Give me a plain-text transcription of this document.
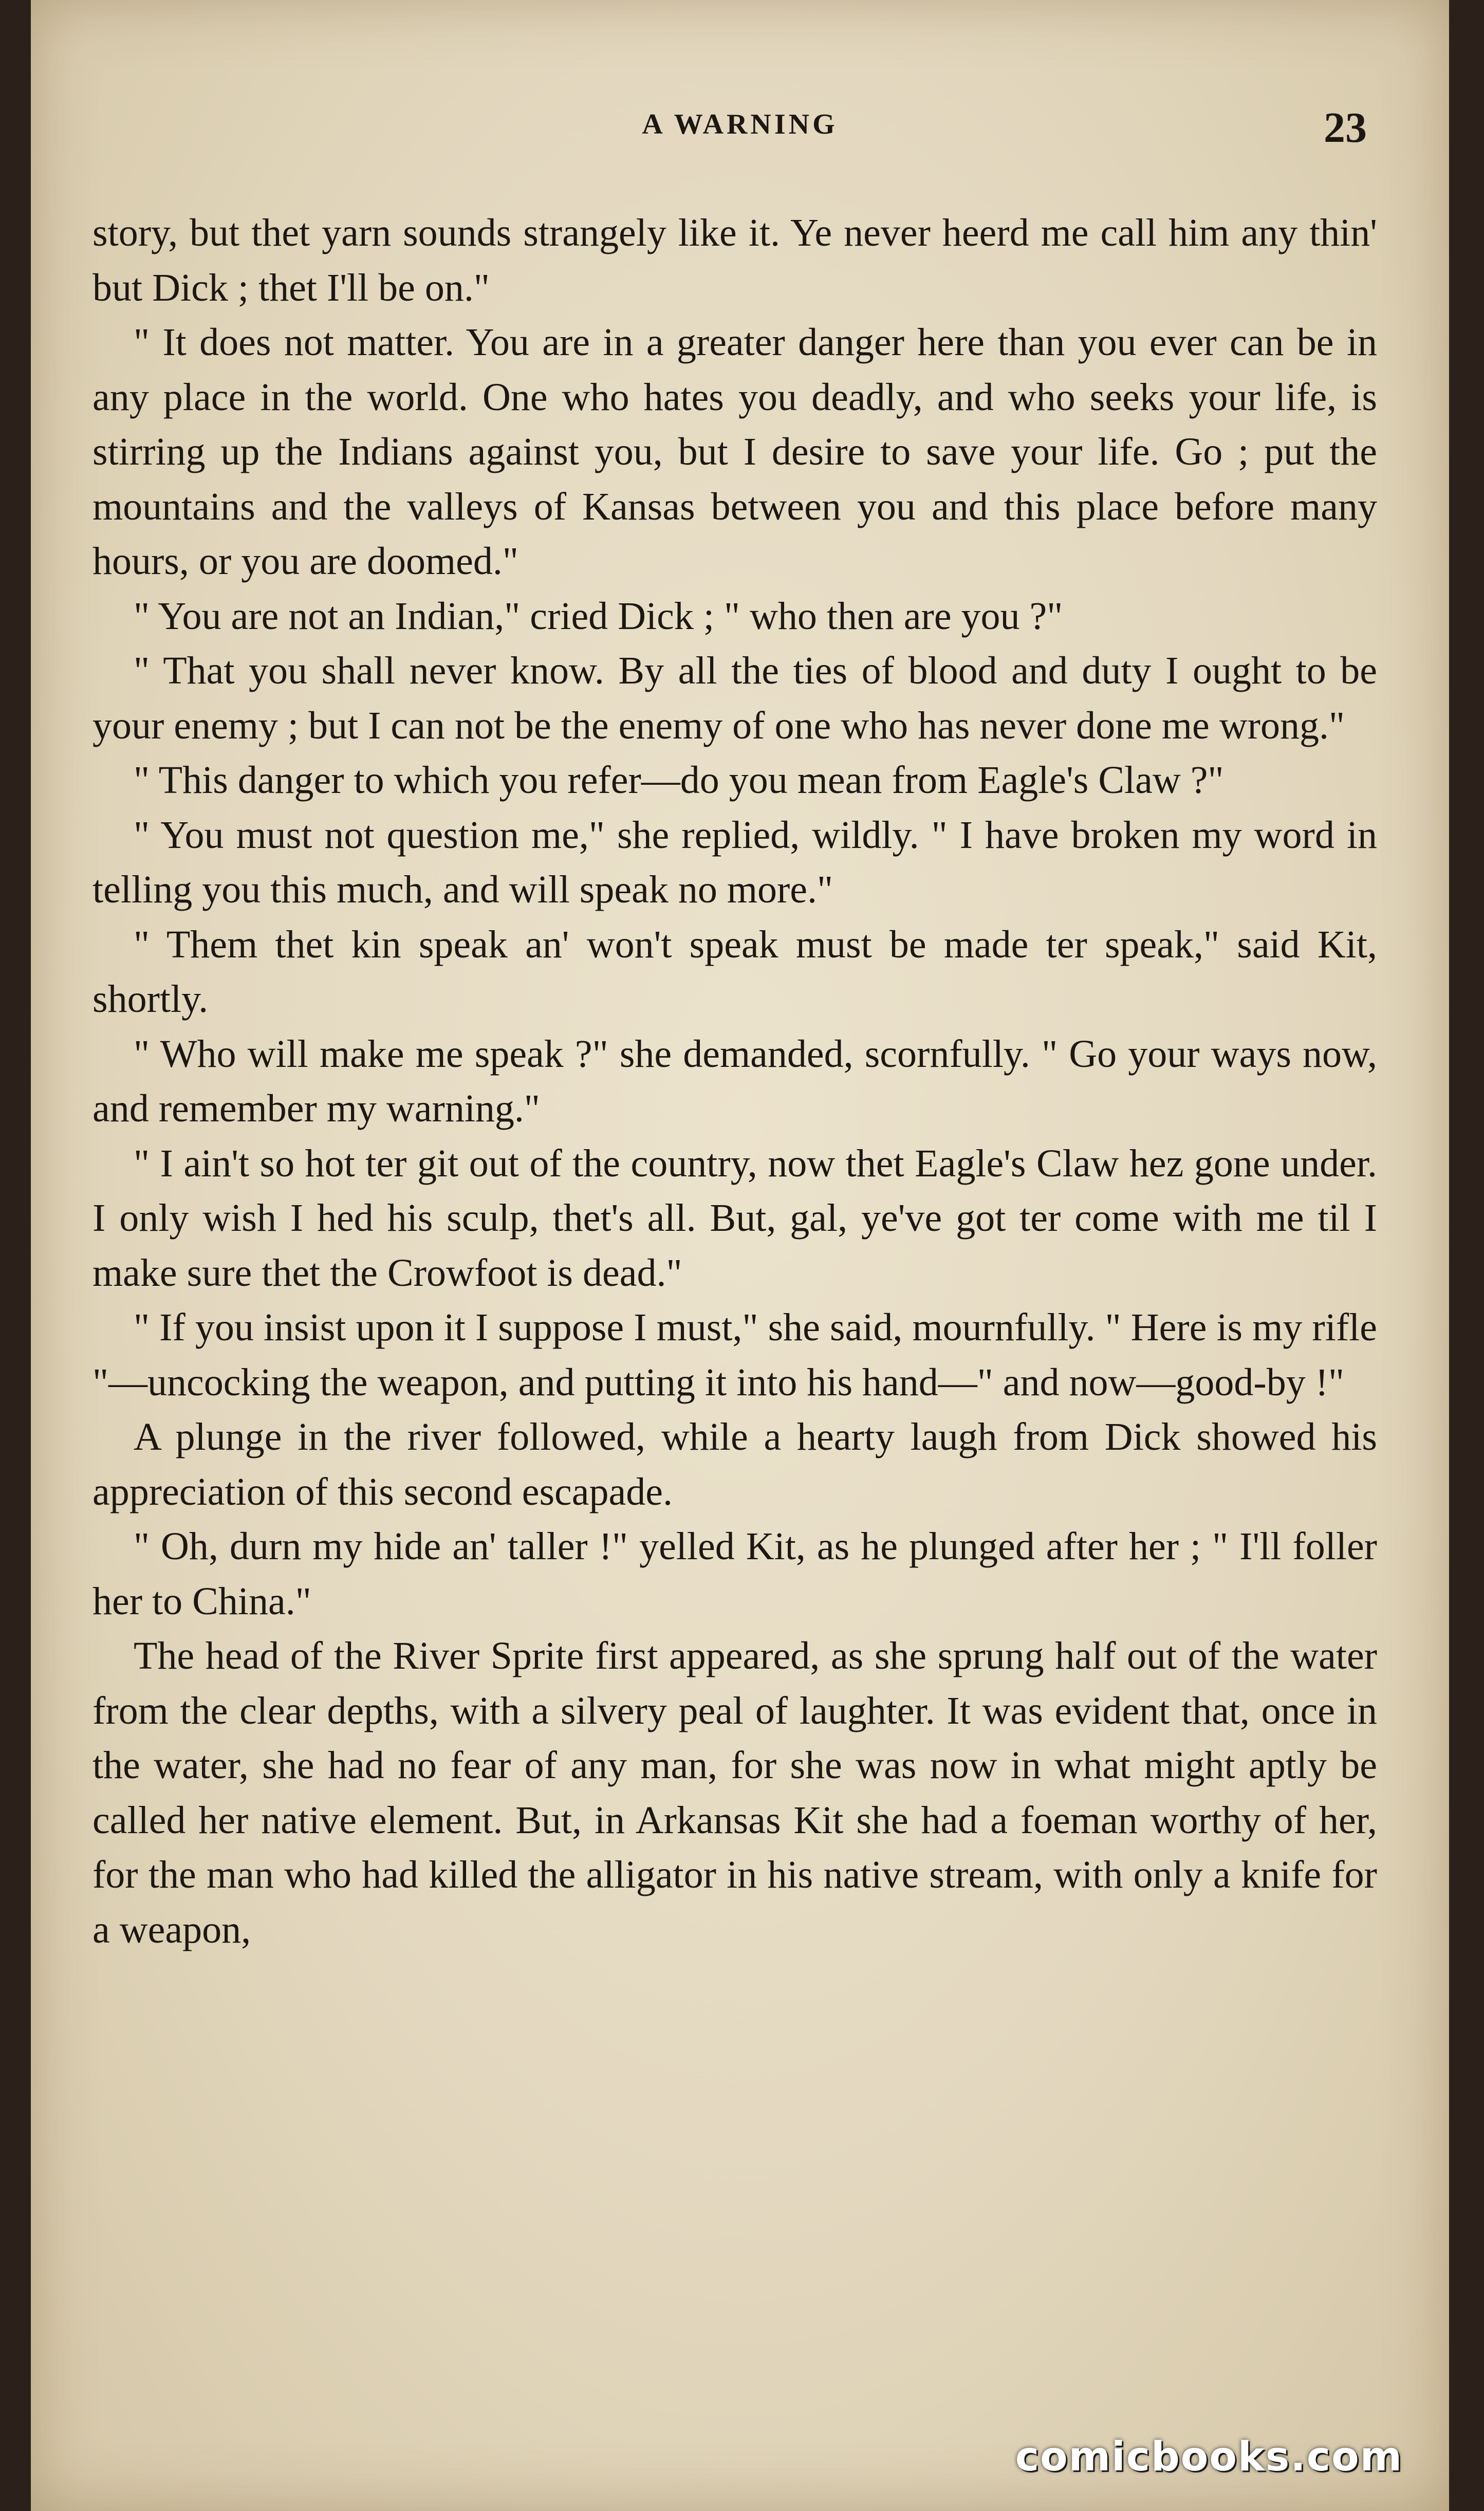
A WARNING	23

story, but thet yarn sounds strangely like it. Ye never heerd me call him any thin' but Dick ; thet I'll be on."

" It does not matter. You are in a greater danger here than you ever can be in any place in the world. One who hates you deadly, and who seeks your life, is stirring up the Indians against you, but I desire to save your life. Go ; put the mountains and the valleys of Kansas between you and this place before many hours, or you are doomed."

" You are not an Indian," cried Dick ; " who then are you ?"

" That you shall never know. By all the ties of blood and duty I ought to be your enemy ; but I can not be the enemy of one who has never done me wrong."

" This danger to which you refer—do you mean from Eagle's Claw ?"

" You must not question me," she replied, wildly. " I have broken my word in telling you this much, and will speak no more."

" Them thet kin speak an' won't speak must be made ter speak," said Kit, shortly.

" Who will make me speak ?" she demanded, scornfully. " Go your ways now, and remember my warning."

" I ain't so hot ter git out of the country, now thet Eagle's Claw hez gone under. I only wish I hed his sculp, thet's all. But, gal, ye've got ter come with me til I make sure thet the Crowfoot is dead."

" If you insist upon it I suppose I must," she said, mournfully. " Here is my rifle "—uncocking the weapon, and putting it into his hand—" and now—good-by !"

A plunge in the river followed, while a hearty laugh from Dick showed his appreciation of this second escapade.

" Oh, durn my hide an' taller !" yelled Kit, as he plunged after her ; " I'll foller her to China."

The head of the River Sprite first appeared, as she sprung half out of the water from the clear depths, with a silvery peal of laughter. It was evident that, once in the water, she had no fear of any man, for she was now in what might aptly be called her native element. But, in Arkansas Kit she had a foeman worthy of her, for the man who had killed the alligator in his native stream, with only a knife for a weapon,

comicbooks.com
